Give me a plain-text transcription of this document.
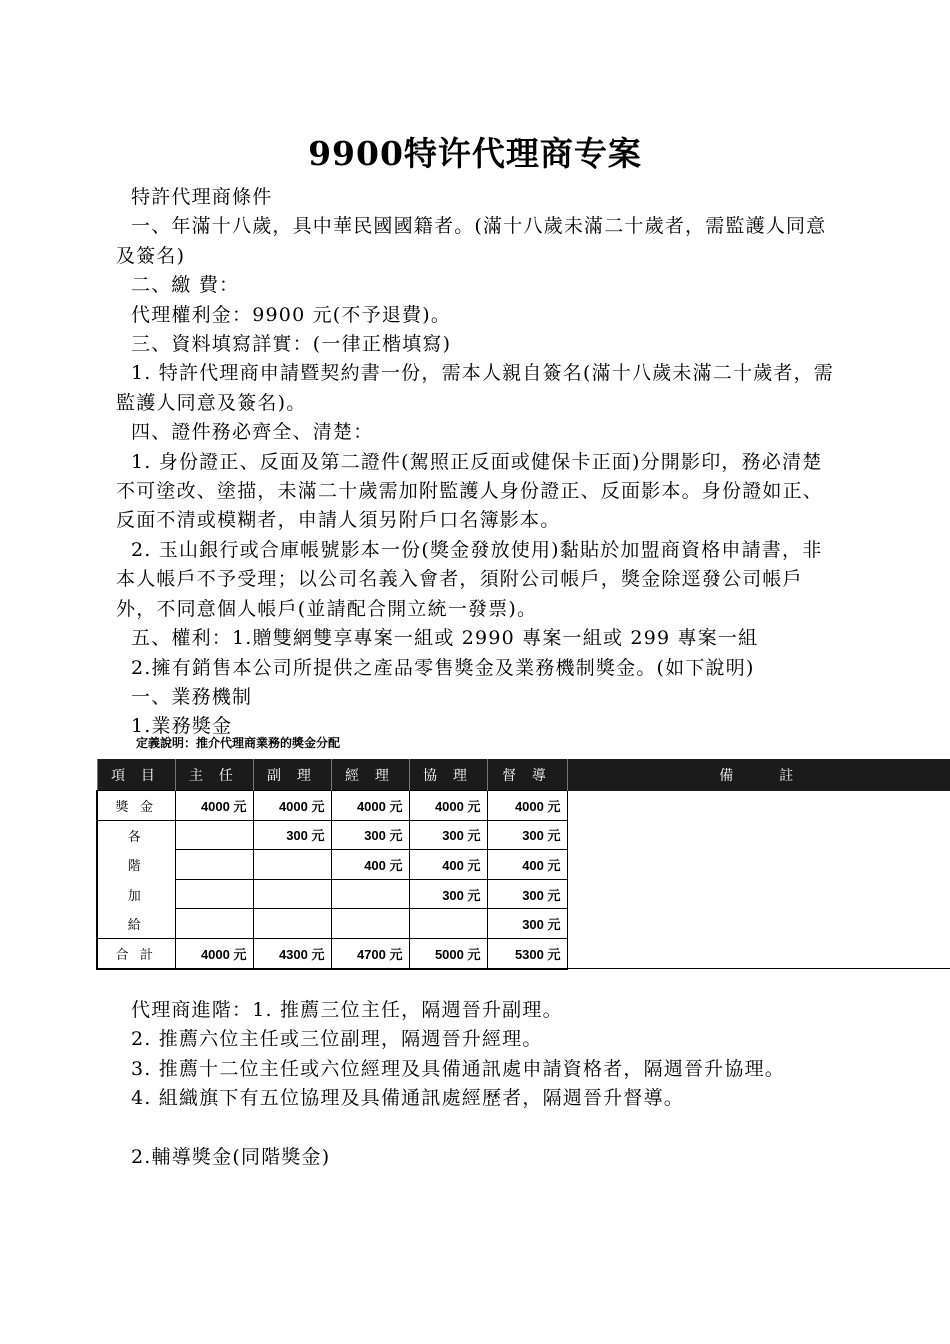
9900特许代理商专案

特許代理商條件

一、年滿十八歲，具中華民國國籍者。(滿十八歲未滿二十歲者，需監護人同意及簽名)

二、繳 費：

代理權利金：9900 元(不予退費)。

三、資料填寫詳實：(一律正楷填寫)

1. 特許代理商申請暨契約書一份，需本人親自簽名(滿十八歲未滿二十歲者，需監護人同意及簽名)。

四、證件務必齊全、清楚：

1. 身份證正、反面及第二證件(駕照正反面或健保卡正面)分開影印，務必清楚不可塗改、塗描，未滿二十歲需加附監護人身份證正、反面影本。身份證如正、反面不清或模糊者，申請人須另附戶口名簿影本。

2. 玉山銀行或合庫帳號影本一份(獎金發放使用)黏貼於加盟商資格申請書，非本人帳戶不予受理；以公司名義入會者，須附公司帳戶，獎金除逕發公司帳戶外，不同意個人帳戶(並請配合開立統一發票)。

五、權利：1.贈雙網雙享專案一組或 2990 專案一組或 299 專案一組

2.擁有銷售本公司所提供之產品零售獎金及業務機制獎金。(如下說明)

一、業務機制

1.業務獎金

定義說明：推介代理商業務的獎金分配
項 目	主 任	副 理	經 理	協 理	督 導	備　　註
獎 金	4000 元	4000 元	4000 元	4000 元	4000 元	
各		300 元	300 元	300 元	300 元	
階			400 元	400 元	400 元	
加				300 元	300 元	
給					300 元	
合 計	4000 元	4300 元	4700 元	5000 元	5300 元	

代理商進階：1. 推薦三位主任，隔週晉升副理。

2. 推薦六位主任或三位副理，隔週晉升經理。

3. 推薦十二位主任或六位經理及具備通訊處申請資格者，隔週晉升協理。

4. 組織旗下有五位協理及具備通訊處經歷者，隔週晉升督導。

2.輔導獎金(同階獎金)
